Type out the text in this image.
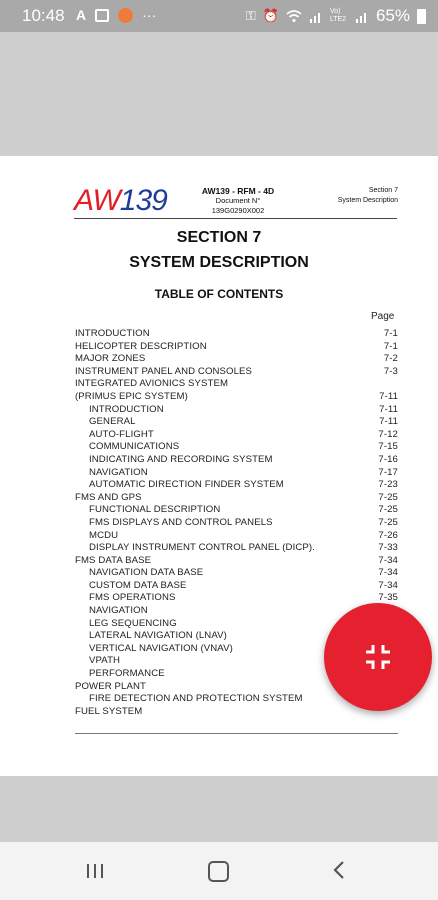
10:48 A	···	⚿ ⏰	Vo) LTE2 65%
AW139	AW139 - RFM - 4D
Document N°
139G0290X002
Section 7
System Description
SECTION 7
SYSTEM DESCRIPTION
TABLE OF CONTENTS
Page
INTRODUCTION	7-1
HELICOPTER DESCRIPTION	7-1
MAJOR ZONES	7-2
INSTRUMENT PANEL AND CONSOLES	7-3
INTEGRATED AVIONICS SYSTEM
(PRIMUS EPIC SYSTEM)	7-11
INTRODUCTION	7-11
GENERAL	7-11
AUTO-FLIGHT	7-12
COMMUNICATIONS	7-15
INDICATING AND RECORDING SYSTEM	7-16
NAVIGATION	7-17
AUTOMATIC DIRECTION FINDER SYSTEM	7-23
FMS AND GPS	7-25
FUNCTIONAL DESCRIPTION	7-25
FMS DISPLAYS AND CONTROL PANELS	7-25
MCDU	7-26
DISPLAY INSTRUMENT CONTROL PANEL (DICP).	7-33
FMS DATA BASE	7-34
NAVIGATION DATA BASE	7-34
CUSTOM DATA BASE	7-34
FMS OPERATIONS	7-35
NAVIGATION
LEG SEQUENCING
LATERAL NAVIGATION (LNAV)
VERTICAL NAVIGATION (VNAV)
VPATH
PERFORMANCE
POWER PLANT
FIRE DETECTION AND PROTECTION SYSTEM
FUEL SYSTEM
